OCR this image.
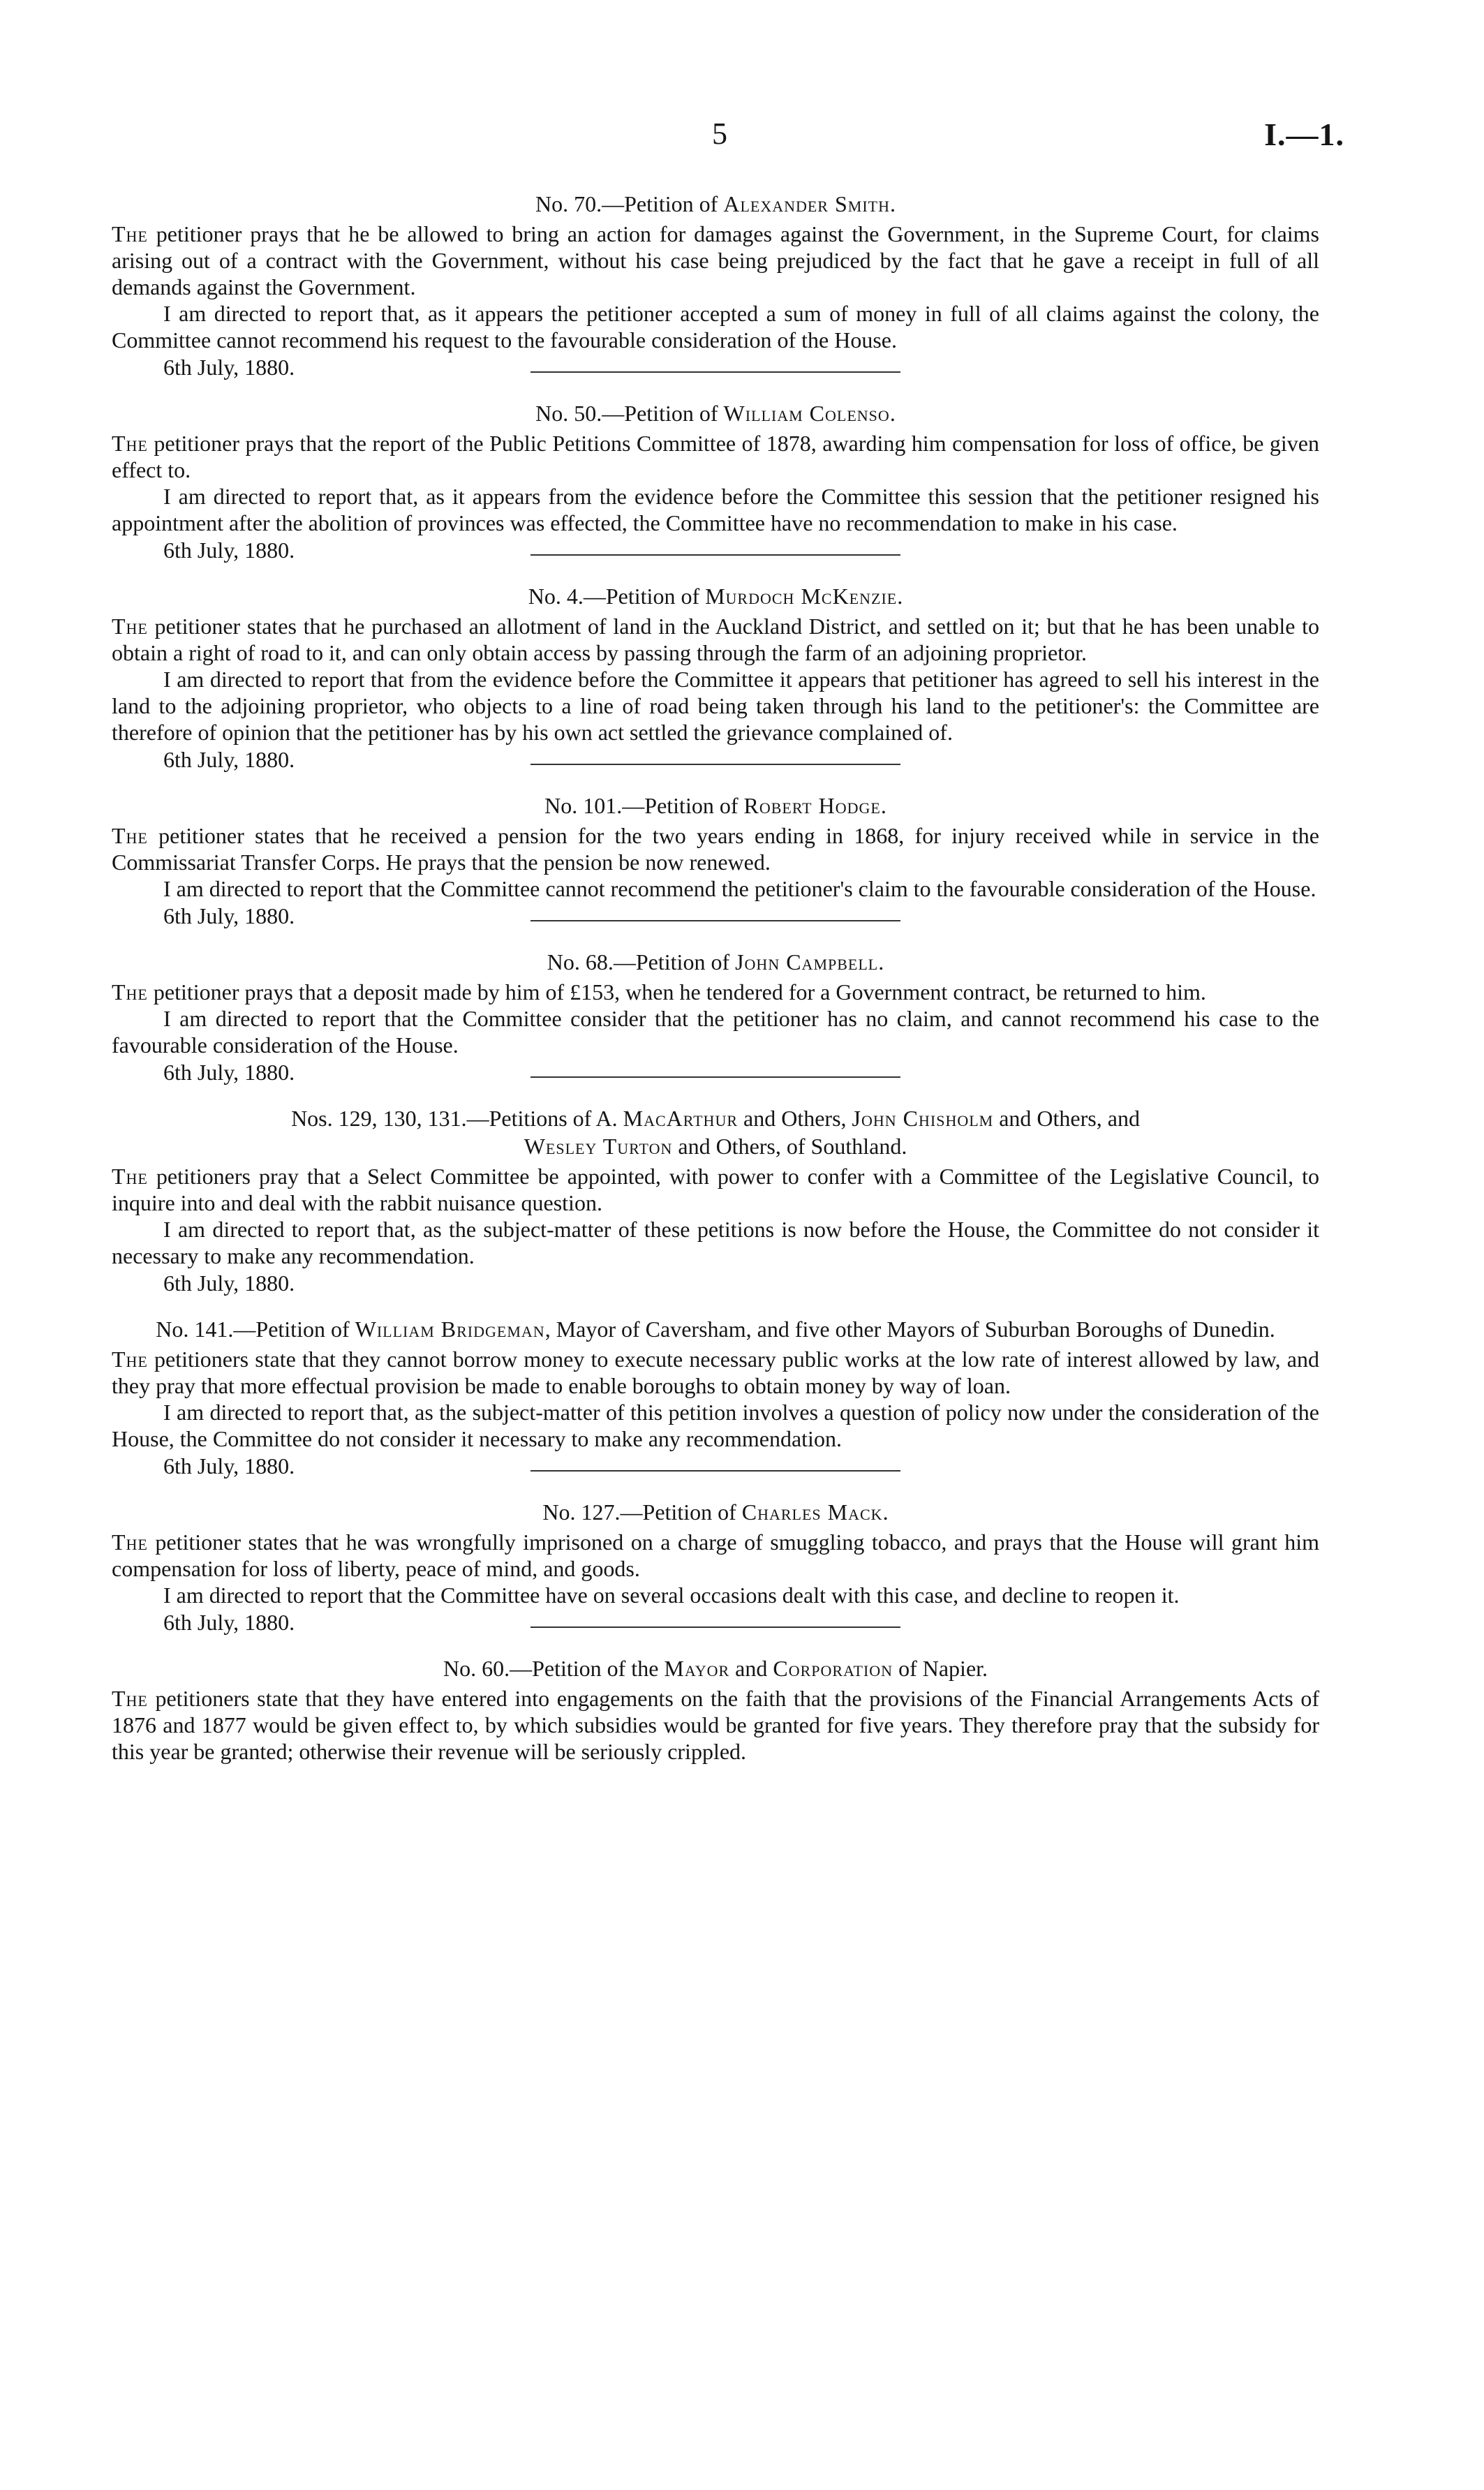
5	I.—1.

No. 70.—Petition of Alexander Smith.

The petitioner prays that he be allowed to bring an action for damages against the Government, in the Supreme Court, for claims arising out of a contract with the Government, without his case being prejudiced by the fact that he gave a receipt in full of all demands against the Government.

I am directed to report that, as it appears the petitioner accepted a sum of money in full of all claims against the colony, the Committee cannot recommend his request to the favourable consideration of the House.

6th July, 1880.

No. 50.—Petition of William Colenso.

The petitioner prays that the report of the Public Petitions Committee of 1878, awarding him compensation for loss of office, be given effect to.

I am directed to report that, as it appears from the evidence before the Committee this session that the petitioner resigned his appointment after the abolition of provinces was effected, the Committee have no recommendation to make in his case.

6th July, 1880.

No. 4.—Petition of Murdoch McKenzie.

The petitioner states that he purchased an allotment of land in the Auckland District, and settled on it; but that he has been unable to obtain a right of road to it, and can only obtain access by passing through the farm of an adjoining proprietor.

I am directed to report that from the evidence before the Committee it appears that petitioner has agreed to sell his interest in the land to the adjoining proprietor, who objects to a line of road being taken through his land to the petitioner's: the Committee are therefore of opinion that the petitioner has by his own act settled the grievance complained of.

6th July, 1880.

No. 101.—Petition of Robert Hodge.

The petitioner states that he received a pension for the two years ending in 1868, for injury received while in service in the Commissariat Transfer Corps. He prays that the pension be now renewed.

I am directed to report that the Committee cannot recommend the petitioner's claim to the favourable consideration of the House.

6th July, 1880.

No. 68.—Petition of John Campbell.

The petitioner prays that a deposit made by him of £153, when he tendered for a Government contract, be returned to him.

I am directed to report that the Committee consider that the petitioner has no claim, and cannot recommend his case to the favourable consideration of the House.

6th July, 1880.

Nos. 129, 130, 131.—Petitions of A. MacArthur and Others, John Chisholm and Others, and
Wesley Turton and Others, of Southland.

The petitioners pray that a Select Committee be appointed, with power to confer with a Committee of the Legislative Council, to inquire into and deal with the rabbit nuisance question.

I am directed to report that, as the subject-matter of these petitions is now before the House, the Committee do not consider it necessary to make any recommendation.

6th July, 1880.

No. 141.—Petition of William Bridgeman, Mayor of Caversham, and five other Mayors of Suburban Boroughs of Dunedin.

The petitioners state that they cannot borrow money to execute necessary public works at the low rate of interest allowed by law, and they pray that more effectual provision be made to enable boroughs to obtain money by way of loan.

I am directed to report that, as the subject-matter of this petition involves a question of policy now under the consideration of the House, the Committee do not consider it necessary to make any recommendation.

6th July, 1880.

No. 127.—Petition of Charles Mack.

The petitioner states that he was wrongfully imprisoned on a charge of smuggling tobacco, and prays that the House will grant him compensation for loss of liberty, peace of mind, and goods.

I am directed to report that the Committee have on several occasions dealt with this case, and decline to reopen it.

6th July, 1880.

No. 60.—Petition of the Mayor and Corporation of Napier.

The petitioners state that they have entered into engagements on the faith that the provisions of the Financial Arrangements Acts of 1876 and 1877 would be given effect to, by which subsidies would be granted for five years. They therefore pray that the subsidy for this year be granted; otherwise their revenue will be seriously crippled.
